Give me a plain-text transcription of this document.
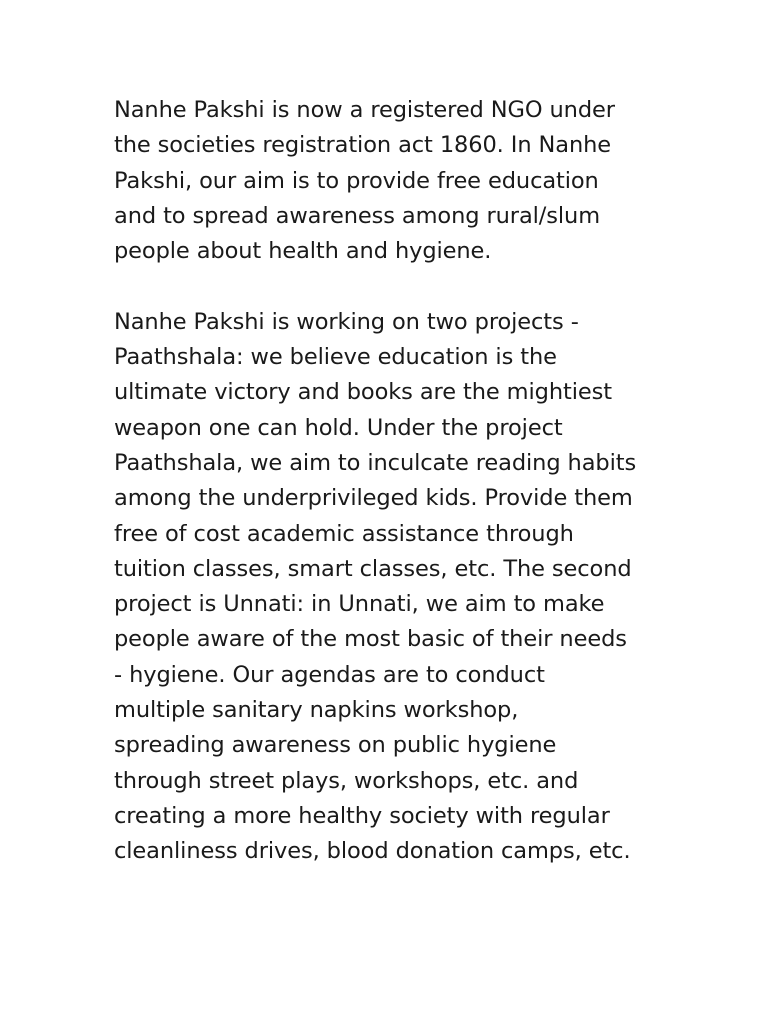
Nanhe Pakshi is now a registered NGO under
the societies registration act 1860. In Nanhe
Pakshi, our aim is to provide free education
and to spread awareness among rural/slum
people about health and hygiene.
Nanhe Pakshi is working on two projects -
Paathshala: we believe education is the
ultimate victory and books are the mightiest
weapon one can hold. Under the project
Paathshala, we aim to inculcate reading habits
among the underprivileged kids. Provide them
free of cost academic assistance through
tuition classes, smart classes, etc. The second
project is Unnati: in Unnati, we aim to make
people aware of the most basic of their needs
- hygiene. Our agendas are to conduct
multiple sanitary napkins workshop,
spreading awareness on public hygiene
through street plays, workshops, etc. and
creating a more healthy society with regular
cleanliness drives, blood donation camps, etc.
